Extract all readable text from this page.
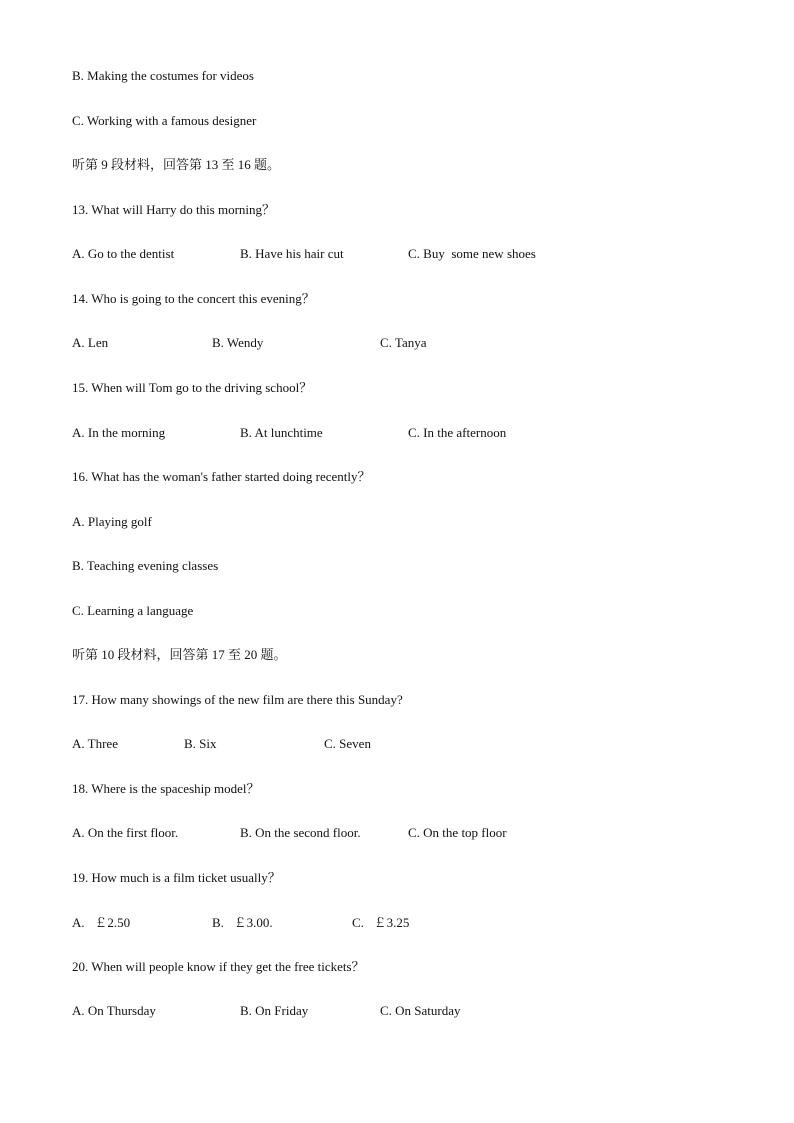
B. Making the costumes for videos
C. Working with a famous designer
听第 9 段材料，回答第 13 至 16 题。
13. What will Harry do this morning？
A. Go to the dentist	B. Have his hair cut	C. Buy  some new shoes
14. Who is going to the concert this evening？
A. Len	B. Wendy	C. Tanya
15. When will Tom go to the driving school？
A. In the morning	B. At lunchtime	C. In the afternoon
16. What has the woman's father started doing recently？
A. Playing golf
B. Teaching evening classes
C. Learning a language
听第 10 段材料，回答第 17 至 20 题。
17. How many showings of the new film are there this Sunday?
A. Three	B. Six	C. Seven
18. Where is the spaceship model？
A. On the first floor.	B. On the second floor.	C. On the top floor
19. How much is a film ticket usually？
A.   ￡2.50	B.   ￡3.00.	C.   ￡3.25
20. When will people know if they get the free tickets？
A. On Thursday	B. On Friday	C. On Saturday
